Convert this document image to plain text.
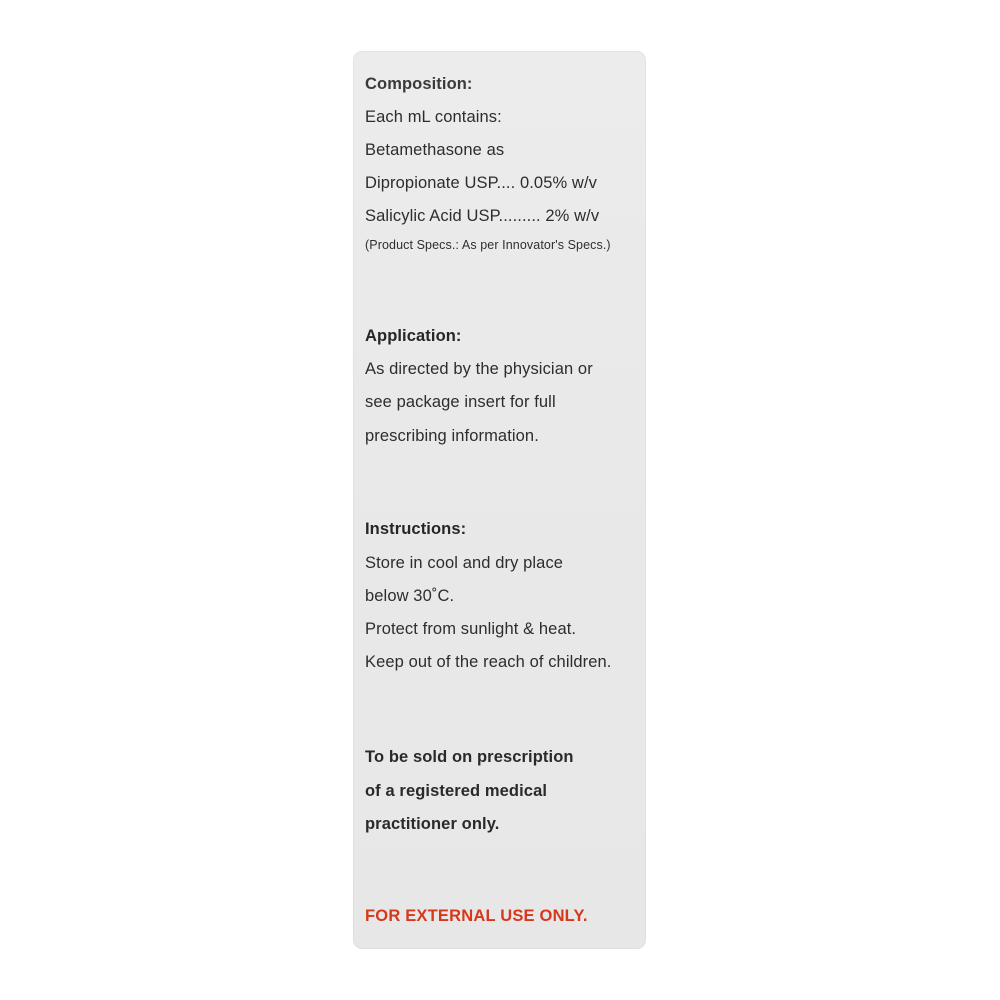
Composition:
Each mL contains:
Betamethasone as
Dipropionate USP.... 0.05% w/v
Salicylic Acid USP......... 2% w/v
(Product Specs.: As per Innovator's Specs.)
Application:
As directed by the physician or
see package insert for full
prescribing information.
Instructions:
Store in cool and dry place
below 30˚C.
Protect from sunlight & heat.
Keep out of the reach of children.
To be sold on prescription
of a registered medical
practitioner only.
FOR EXTERNAL USE ONLY.
